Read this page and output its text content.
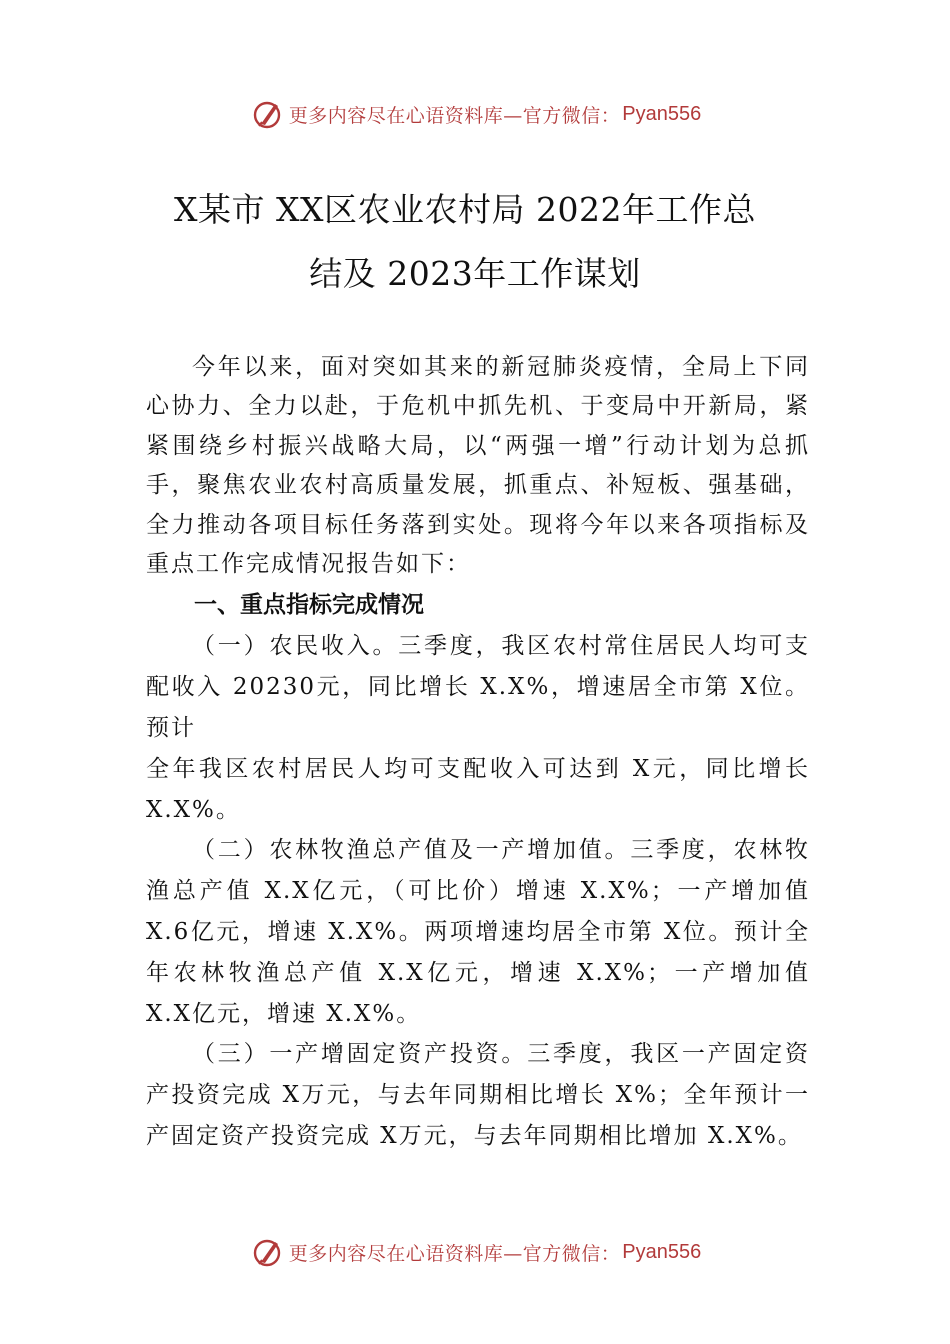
更多内容尽在心语资料库—官方微信： Pyan556
X某市 XX区农业农村局 2022年工作总
结及 2023年工作谋划

今年以来，面对突如其来的新冠肺炎疫情，全局上下同心协力、全力以赴，于危机中抓先机、于变局中开新局，紧紧围绕乡村振兴战略大局，以“两强一增”行动计划为总抓手，聚焦农业农村高质量发展，抓重点、补短板、强基础， 全力推动各项目标任务落到实处。现将今年以来各项指标及重点工作完成情况报告如下：

一、重点指标完成情况

（一）农民收入。三季度，我区农村常住居民人均可支配收入 20230元，同比增长 X.X%，增速居全市第 X位。预计

全年我区农村居民人均可支配收入可达到 X元，同比增长 X.X%。

（二）农林牧渔总产值及一产增加值。三季度，农林牧渔总产值 X.X亿元，（可比价）增速 X.X%；一产增加值 X.6亿元，增速 X.X%。两项增速均居全市第 X位。预计全年农林牧渔总产值 X.X亿元，增速 X.X%；一产增加值 X.X亿元，增速 X.X%。

（三）一产增固定资产投资。三季度，我区一产固定资产投资完成 X万元，与去年同期相比增长 X%；全年预计一产固定资产投资完成 X万元，与去年同期相比增加 X.X%。

更多内容尽在心语资料库—官方微信： Pyan556
